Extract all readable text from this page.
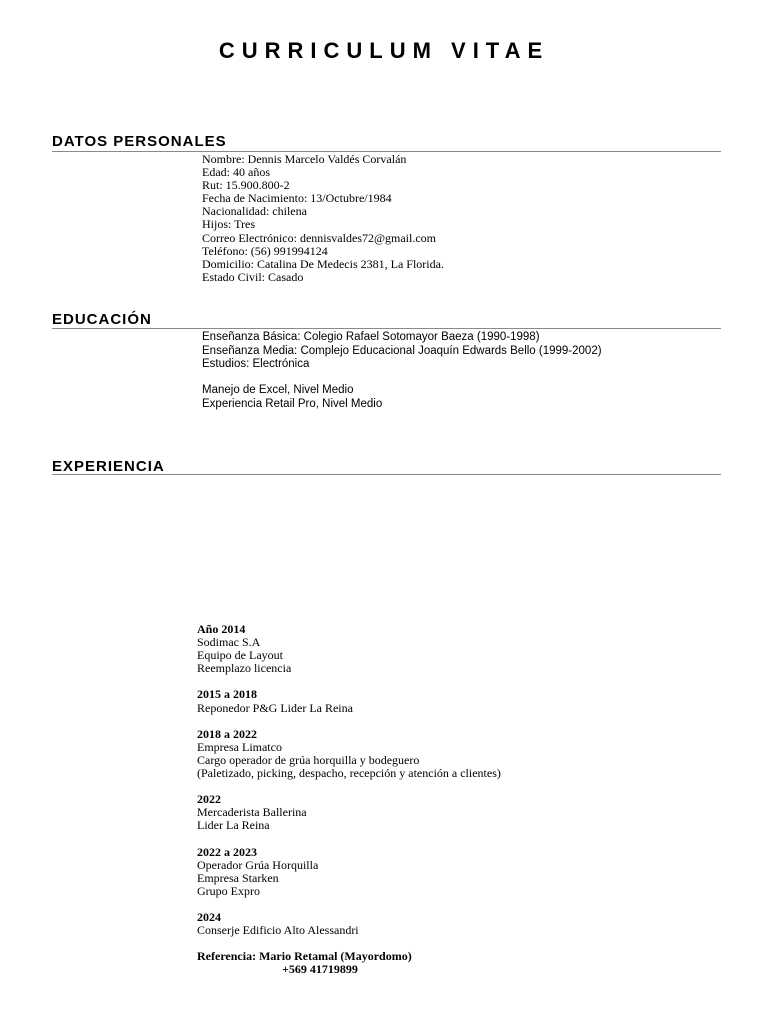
CURRICULUM VITAE
DATOS PERSONALES
Nombre: Dennis Marcelo Valdés Corvalán
Edad: 40 años
Rut: 15.900.800-2
Fecha de Nacimiento: 13/Octubre/1984
Nacionalidad: chilena
Hijos: Tres
Correo Electrónico: dennisvaldes72@gmail.com
Teléfono: (56) 991994124
Domicilio: Catalina De Medecis 2381, La Florida.
Estado Civil: Casado
EDUCACIÓN
Enseñanza Básica: Colegio Rafael Sotomayor Baeza (1990-1998)
Enseñanza Media: Complejo Educacional Joaquín Edwards Bello (1999-2002)
Estudios: Electrónica
Manejo de Excel, Nivel Medio
Experiencia Retail Pro, Nivel Medio
EXPERIENCIA
Año 2014
Sodimac S.A
Equipo de Layout
Reemplazo licencia
2015 a 2018
Reponedor P&G Lider La Reina
2018 a 2022
Empresa Limatco
Cargo operador de grúa horquilla y bodeguero
(Paletizado, picking, despacho, recepción y atención a clientes)
2022
Mercaderista Ballerina
Lider La Reina
2022 a 2023
Operador Grúa Horquilla
Empresa Starken
Grupo Expro
2024
Conserje Edificio Alto Alessandri
Referencia: Mario Retamal (Mayordomo)
+569 41719899
